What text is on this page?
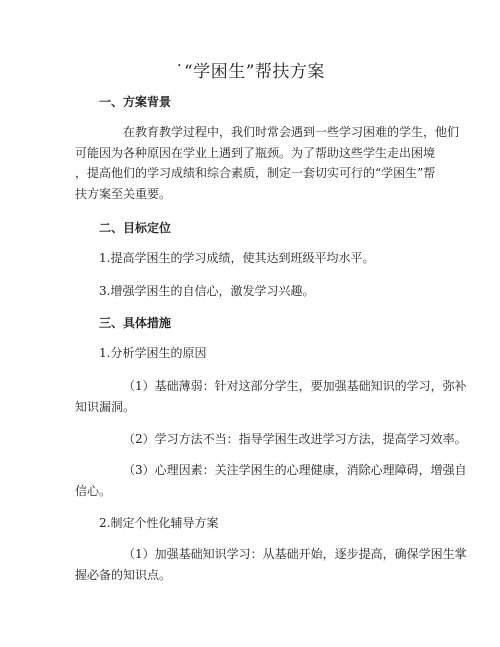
˙“学困生”帮扶方案
一、方案背景
在教育教学过程中，我们时常会遇到一些学习困难的学生，他们
可能因为各种原因在学业上遇到了瓶颈。为了帮助这些学生走出困境
，提高他们的学习成绩和综合素质，制定一套切实可行的“学困生”帮
扶方案至关重要。
二、目标定位
1.提高学困生的学习成绩，使其达到班级平均水平。
3.增强学困生的自信心，激发学习兴趣。
三、具体措施
1.分析学困生的原因
（1）基础薄弱：针对这部分学生，要加强基础知识的学习，弥补
知识漏洞。
（2）学习方法不当：指导学困生改进学习方法，提高学习效率。
（3）心理因素：关注学困生的心理健康，消除心理障碍，增强自
信心。
2.制定个性化辅导方案
（1）加强基础知识学习：从基础开始，逐步提高，确保学困生掌
握必备的知识点。
